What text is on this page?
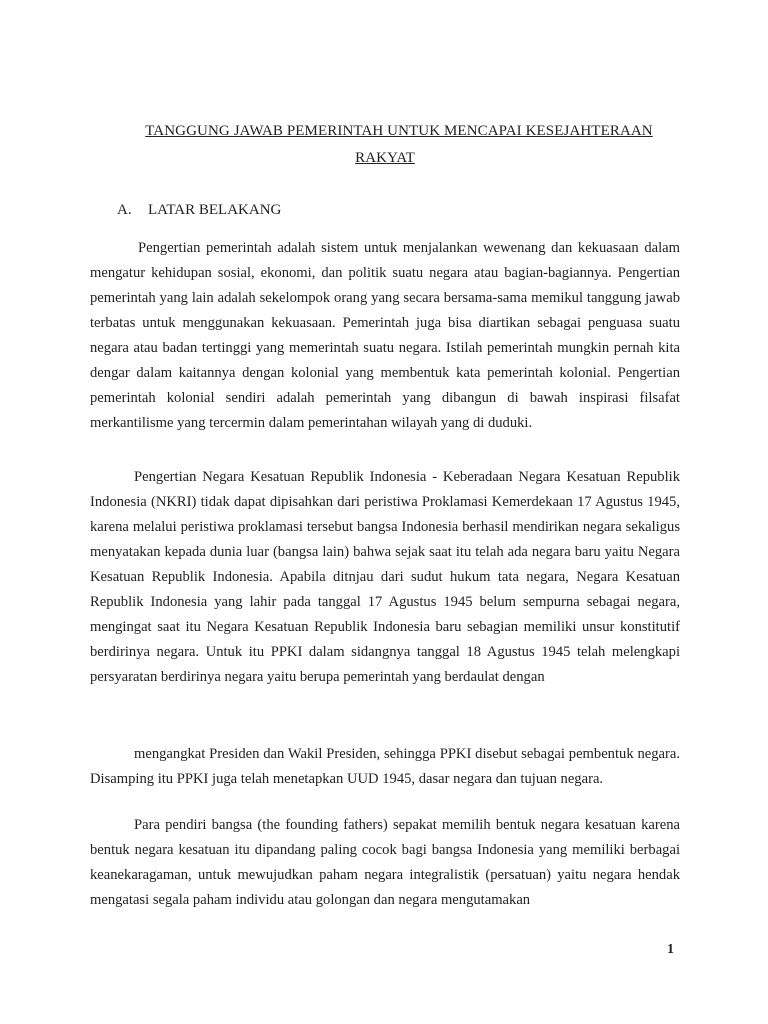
TANGGUNG JAWAB PEMERINTAH UNTUK MENCAPAI KESEJAHTERAAN
RAKYAT
A. LATAR BELAKANG

Pengertian pemerintah adalah sistem untuk menjalankan wewenang dan kekuasaan dalam mengatur kehidupan sosial, ekonomi, dan politik suatu negara atau bagian-bagiannya. Pengertian pemerintah yang lain adalah sekelompok orang yang secara bersama-sama memikul tanggung jawab terbatas untuk menggunakan kekuasaan. Pemerintah juga bisa diartikan sebagai penguasa suatu negara atau badan tertinggi yang memerintah suatu negara. Istilah pemerintah mungkin pernah kita dengar dalam kaitannya dengan kolonial yang membentuk kata pemerintah kolonial. Pengertian pemerintah kolonial sendiri adalah pemerintah yang dibangun di bawah inspirasi filsafat merkantilisme yang tercermin dalam pemerintahan wilayah yang di duduki.

Pengertian Negara Kesatuan Republik Indonesia - Keberadaan Negara Kesatuan Republik Indonesia (NKRI) tidak dapat dipisahkan dari peristiwa Proklamasi Kemerdekaan 17 Agustus 1945, karena melalui peristiwa proklamasi tersebut bangsa Indonesia berhasil mendirikan negara sekaligus menyatakan kepada dunia luar (bangsa lain) bahwa sejak saat itu telah ada negara baru yaitu Negara Kesatuan Republik Indonesia. Apabila ditnjau dari sudut hukum tata negara, Negara Kesatuan Republik Indonesia yang lahir pada tanggal 17 Agustus 1945 belum sempurna sebagai negara, mengingat saat itu Negara Kesatuan Republik Indonesia baru sebagian memiliki unsur konstitutif berdirinya negara. Untuk itu PPKI dalam sidangnya tanggal 18 Agustus 1945 telah melengkapi persyaratan berdirinya negara yaitu berupa pemerintah yang berdaulat dengan

mengangkat Presiden dan Wakil Presiden, sehingga PPKI disebut sebagai pembentuk negara. Disamping itu PPKI juga telah menetapkan UUD 1945, dasar negara dan tujuan negara.

Para pendiri bangsa (the founding fathers) sepakat memilih bentuk negara kesatuan karena bentuk negara kesatuan itu dipandang paling cocok bagi bangsa Indonesia yang memiliki berbagai keanekaragaman, untuk mewujudkan paham negara integralistik (persatuan) yaitu negara hendak mengatasi segala paham individu atau golongan dan negara mengutamakan

1
